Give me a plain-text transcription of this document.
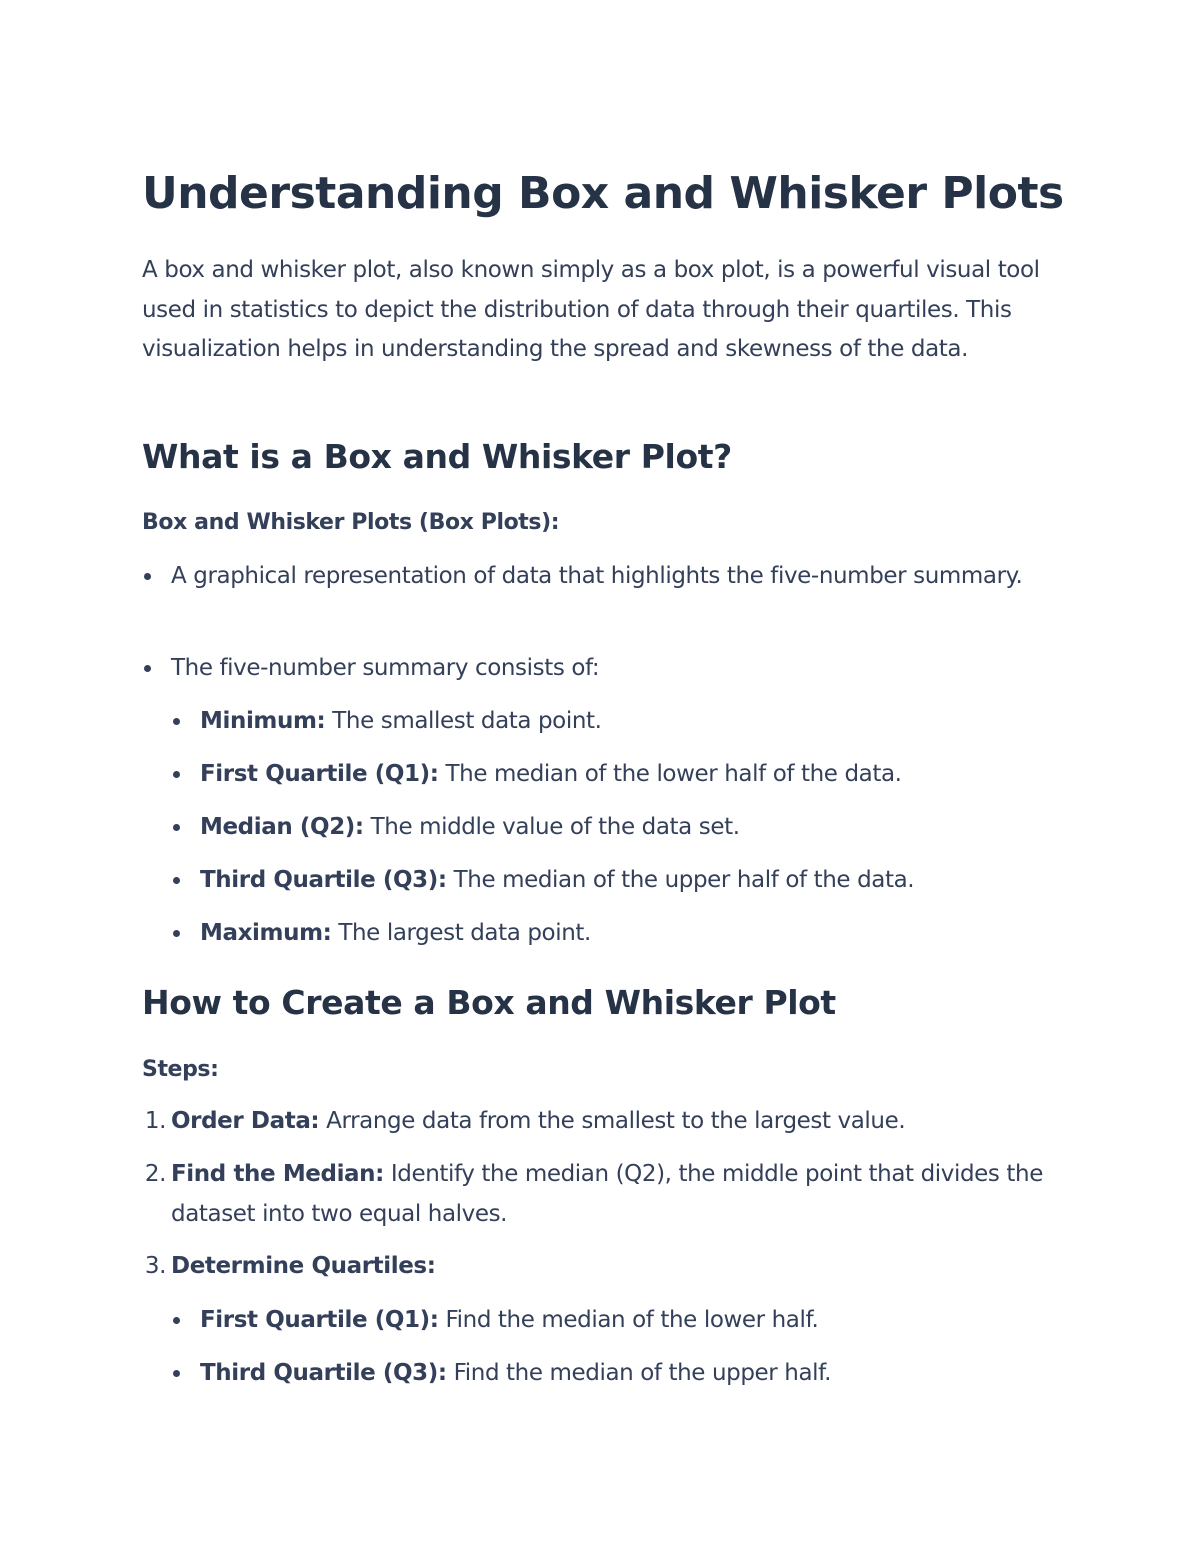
Understanding Box and Whisker Plots

A box and whisker plot, also known simply as a box plot, is a powerful visual tool used in statistics to depict the distribution of data through their quartiles. This visualization helps in understanding the spread and skewness of the data.

What is a Box and Whisker Plot?

Box and Whisker Plots (Box Plots):

A graphical representation of data that highlights the five-number summary.

The five-number summary consists of:

Minimum: The smallest data point.

First Quartile (Q1): The median of the lower half of the data.

Median (Q2): The middle value of the data set.

Third Quartile (Q3): The median of the upper half of the data.

Maximum: The largest data point.

How to Create a Box and Whisker Plot

Steps:

1. Order Data: Arrange data from the smallest to the largest value.

2. Find the Median: Identify the median (Q2), the middle point that divides the dataset into two equal halves.

3. Determine Quartiles:

First Quartile (Q1): Find the median of the lower half.

Third Quartile (Q3): Find the median of the upper half.
